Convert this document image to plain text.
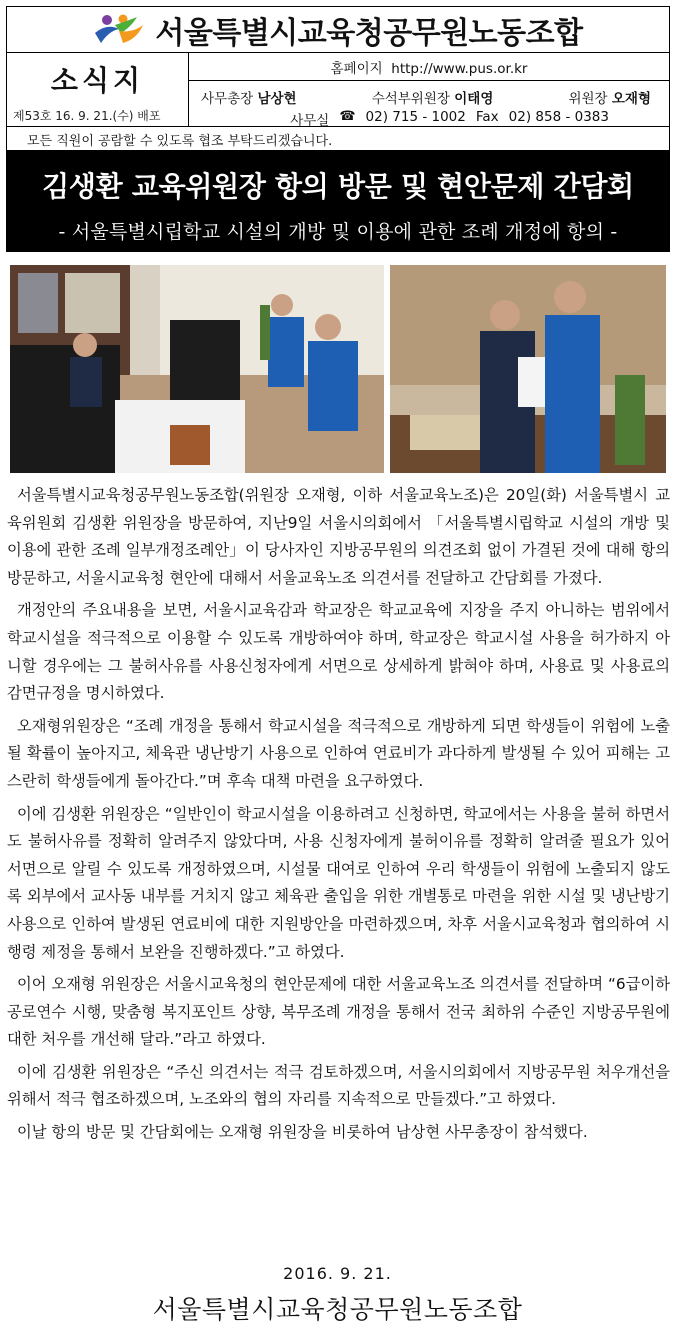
서울특별시교육청공무원노동조합
소식지
제53호 16. 9. 21.(수) 배포
홈페이지 http://www.pus.or.kr
사무총장 남상현	수석부위원장 이태영	위원장 오재형
사무실 ☎ 02) 715 - 1002 Fax 02) 858 - 0383
모든 직원이 공람할 수 있도록 협조 부탁드리겠습니다.
김생환 교육위원장 항의 방문 및 현안문제 간담회
- 서울특별시립학교 시설의 개방 및 이용에 관한 조례 개정에 항의 -

서울특별시교육청공무원노동조합(위원장 오재형, 이하 서울교육노조)은 20일(화) 서울특별시 교육위원회 김생환 위원장을 방문하여, 지난9일 서울시의회에서 「서울특별시립학교 시설의 개방 및 이용에 관한 조례 일부개정조례안」이 당사자인 지방공무원의 의견조회 없이 가결된 것에 대해 항의 방문하고, 서울시교육청 현안에 대해서 서울교육노조 의견서를 전달하고 간담회를 가졌다.

개정안의 주요내용을 보면, 서울시교육감과 학교장은 학교교육에 지장을 주지 아니하는 범위에서 학교시설을 적극적으로 이용할 수 있도록 개방하여야 하며, 학교장은 학교시설 사용을 허가하지 아니할 경우에는 그 불허사유를 사용신청자에게 서면으로 상세하게 밝혀야 하며, 사용료 및 사용료의 감면규정을 명시하였다.

오재형위원장은 “조례 개정을 통해서 학교시설을 적극적으로 개방하게 되면 학생들이 위험에 노출될 확률이 높아지고, 체육관 냉난방기 사용으로 인하여 연료비가 과다하게 발생될 수 있어 피해는 고스란히 학생들에게 돌아간다.”며 후속 대책 마련을 요구하였다.

이에 김생환 위원장은 “일반인이 학교시설을 이용하려고 신청하면, 학교에서는 사용을 불허 하면서도 불허사유를 정확히 알려주지 않았다며, 사용 신청자에게 불허이유를 정확히 알려줄 필요가 있어 서면으로 알릴 수 있도록 개정하였으며, 시설물 대여로 인하여 우리 학생들이 위험에 노출되지 않도록 외부에서 교사동 내부를 거치지 않고 체육관 출입을 위한 개별통로 마련을 위한 시설 및 냉난방기 사용으로 인하여 발생된 연료비에 대한 지원방안을 마련하겠으며, 차후 서울시교육청과 협의하여 시행령 제정을 통해서 보완을 진행하겠다.”고 하였다.

이어 오재형 위원장은 서울시교육청의 현안문제에 대한 서울교육노조 의견서를 전달하며 “6급이하 공로연수 시행, 맞춤형 복지포인트 상향, 복무조례 개정을 통해서 전국 최하위 수준인 지방공무원에 대한 처우를 개선해 달라.”라고 하였다.

이에 김생환 위원장은 “주신 의견서는 적극 검토하겠으며, 서울시의회에서 지방공무원 처우개선을 위해서 적극 협조하겠으며, 노조와의 협의 자리를 지속적으로 만들겠다.”고 하였다.

이날 항의 방문 및 간담회에는 오재형 위원장을 비롯하여 남상현 사무총장이 참석했다.

2016. 9. 21.
서울특별시교육청공무원노동조합
